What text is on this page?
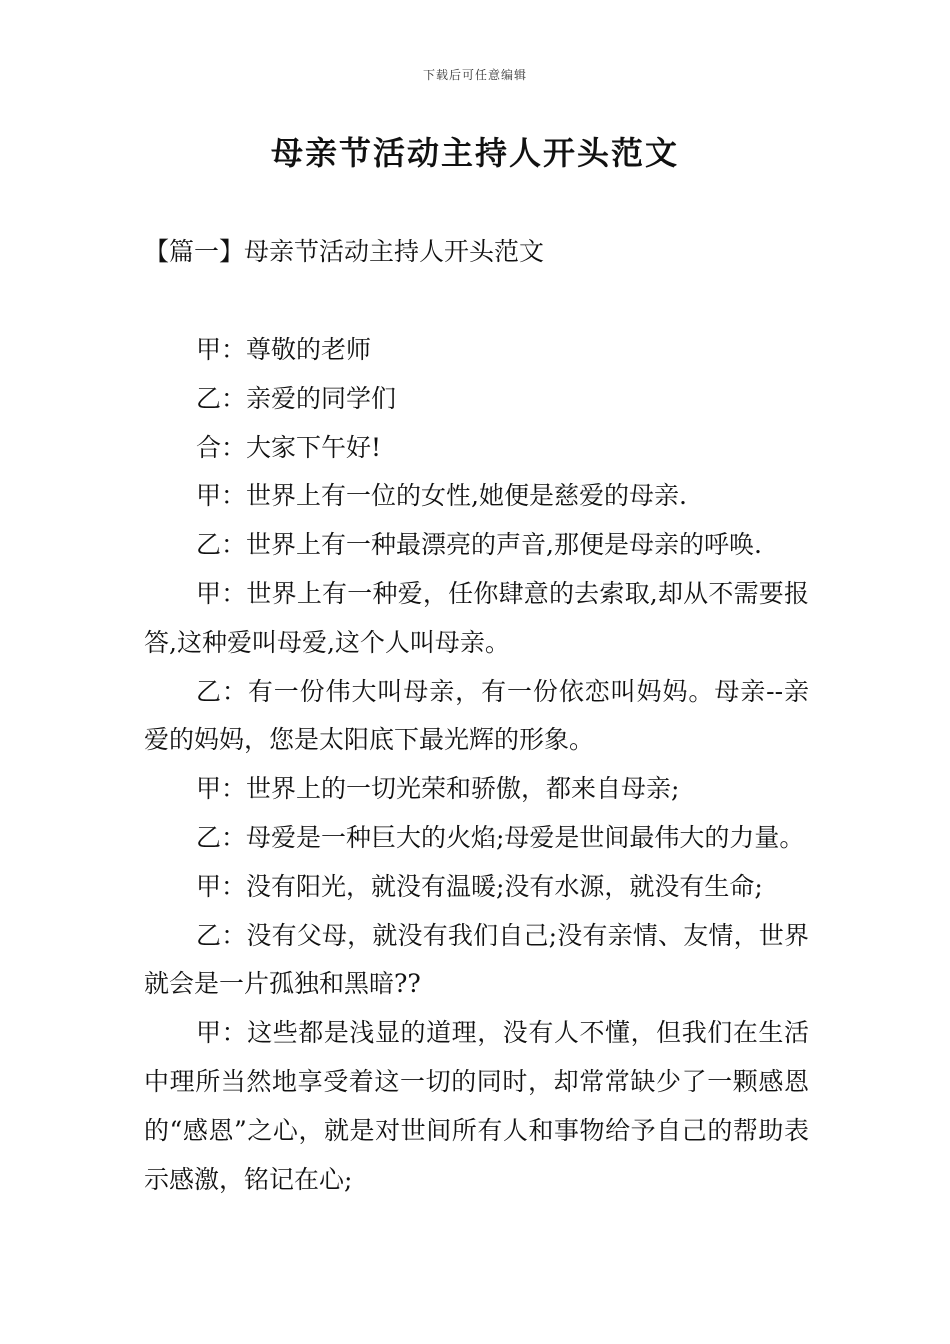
下载后可任意编辑
母亲节活动主持人开头范文
【篇一】母亲节活动主持人开头范文

甲：尊敬的老师

乙：亲爱的同学们

合：大家下午好!

甲：世界上有一位的女性,她便是慈爱的母亲.

乙：世界上有一种最漂亮的声音,那便是母亲的呼唤.

甲：世界上有一种爱，任你肆意的去索取,却从不需要报答,这种爱叫母爱,这个人叫母亲。

乙：有一份伟大叫母亲，有一份依恋叫妈妈。母亲--亲爱的妈妈，您是太阳底下最光辉的形象。

甲：世界上的一切光荣和骄傲，都来自母亲;

乙：母爱是一种巨大的火焰;母爱是世间最伟大的力量。

甲：没有阳光，就没有温暖;没有水源，就没有生命;

乙：没有父母，就没有我们自己;没有亲情、友情，世界就会是一片孤独和黑暗??

甲：这些都是浅显的道理，没有人不懂，但我们在生活中理所当然地享受着这一切的同时，却常常缺少了一颗感恩的“感恩”之心，就是对世间所有人和事物给予自己的帮助表示感激，铭记在心;
